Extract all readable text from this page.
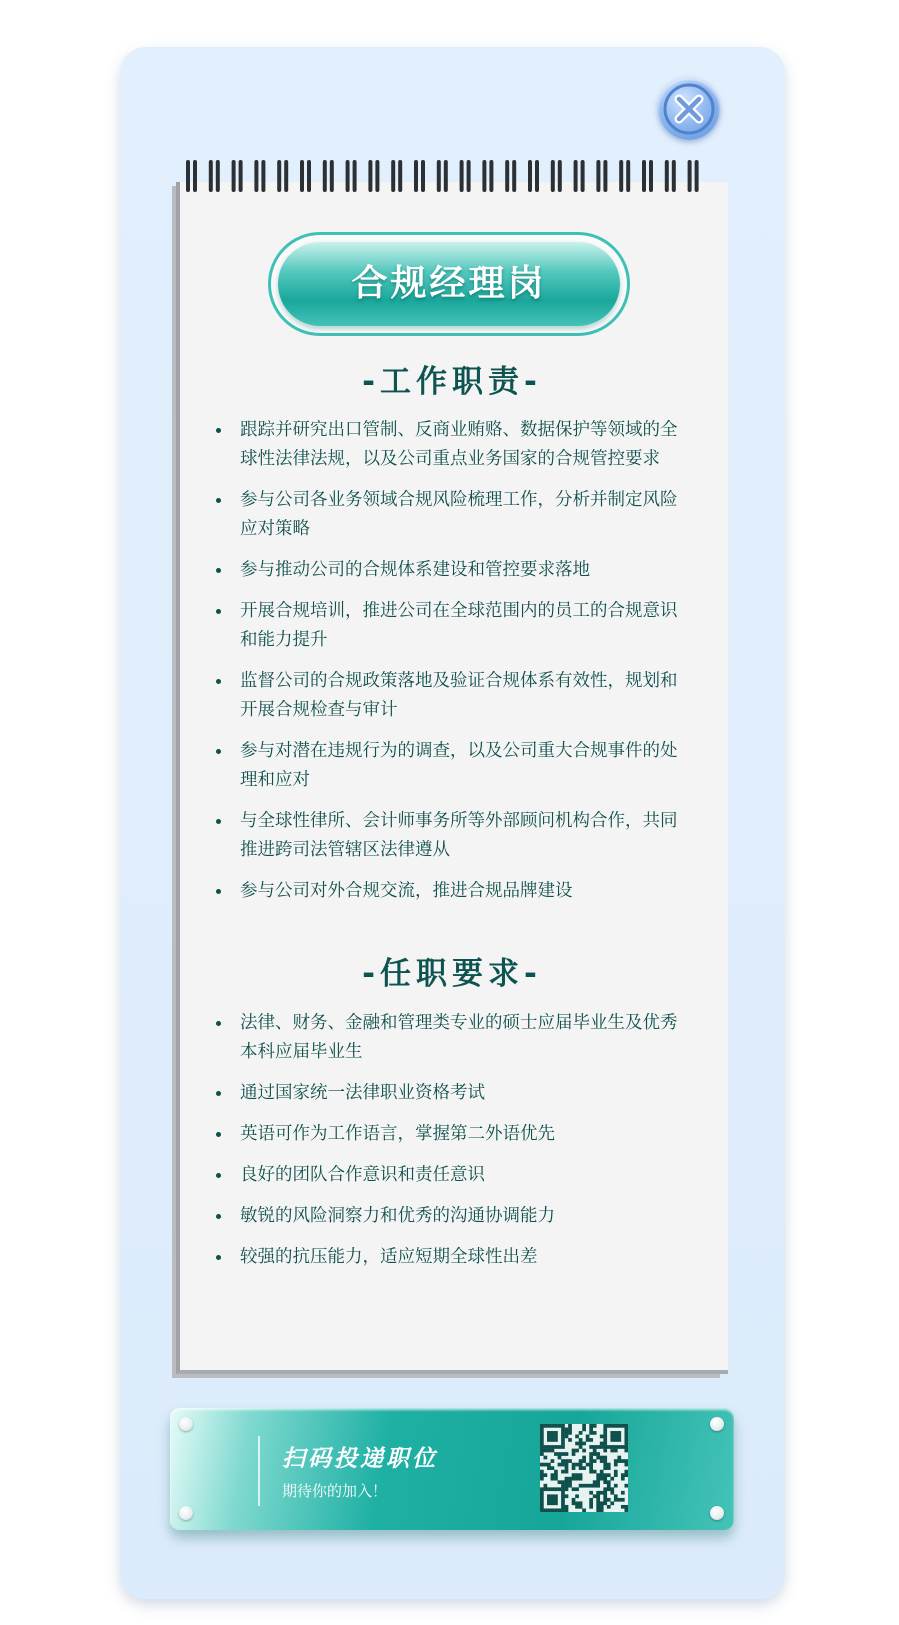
合规经理岗
-工作职责-
跟踪并研究出口管制、反商业贿赂、数据保护等领域的全球性法律法规，以及公司重点业务国家的合规管控要求
参与公司各业务领域合规风险梳理工作，分析并制定风险应对策略
参与推动公司的合规体系建设和管控要求落地
开展合规培训，推进公司在全球范围内的员工的合规意识和能力提升
监督公司的合规政策落地及验证合规体系有效性，规划和开展合规检查与审计
参与对潜在违规行为的调查，以及公司重大合规事件的处理和应对
与全球性律所、会计师事务所等外部顾问机构合作，共同推进跨司法管辖区法律遵从
参与公司对外合规交流，推进合规品牌建设
-任职要求-
法律、财务、金融和管理类专业的硕士应届毕业生及优秀本科应届毕业生
通过国家统一法律职业资格考试
英语可作为工作语言，掌握第二外语优先
良好的团队合作意识和责任意识
敏锐的风险洞察力和优秀的沟通协调能力
较强的抗压能力，适应短期全球性出差
扫码投递职位
期待你的加入！
